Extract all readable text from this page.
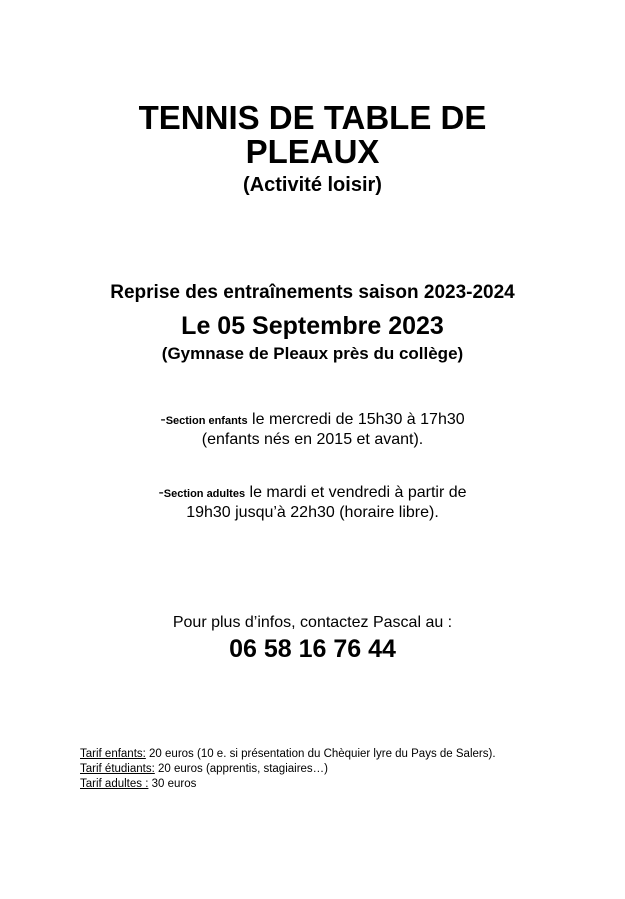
TENNIS DE TABLE DE
PLEAUX
(Activité loisir)
Reprise des entraînements saison 2023-2024
Le 05 Septembre 2023
(Gymnase de Pleaux près du collège)
-Section enfants le mercredi de 15h30 à 17h30
(enfants nés en 2015 et avant).
-Section adultes le mardi et vendredi à partir de
19h30 jusqu’à 22h30 (horaire libre).
Pour plus d’infos, contactez Pascal au :
06 58 16 76 44
Tarif enfants: 20 euros (10 e. si présentation du Chèquier lyre du Pays de Salers).
Tarif étudiants: 20 euros (apprentis, stagiaires…)
Tarif adultes : 30 euros
